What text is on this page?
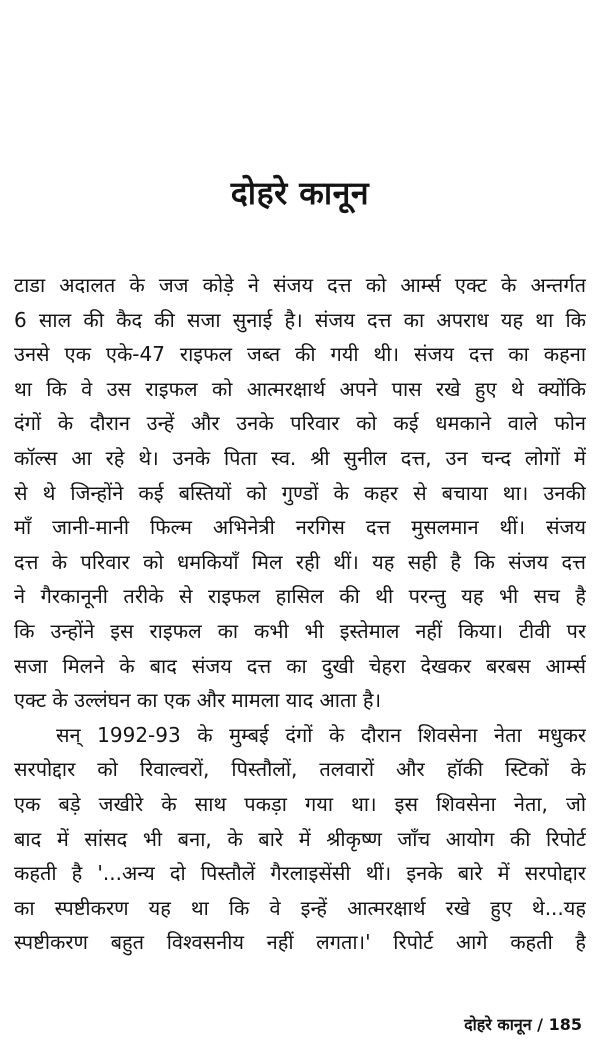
दोहरे कानून
टाडा अदालत के जज कोड़े ने संजय दत्त को आर्म्स एक्ट के अन्तर्गत
6 साल की कैद की सजा सुनाई है। संजय दत्त का अपराध यह था कि
उनसे एक एके-47 राइफल जब्त की गयी थी। संजय दत्त का कहना
था कि वे उस राइफल को आत्मरक्षार्थ अपने पास रखे हुए थे क्योंकि
दंगों के दौरान उन्हें और उनके परिवार को कई धमकाने वाले फोन
कॉल्स आ रहे थे। उनके पिता स्व. श्री सुनील दत्त, उन चन्द लोगों में
से थे जिन्होंने कई बस्तियों को गुण्डों के कहर से बचाया था। उनकी
माँ जानी-मानी फिल्म अभिनेत्री नरगिस दत्त मुसलमान थीं। संजय
दत्त के परिवार को धमकियाँ मिल रही थीं। यह सही है कि संजय दत्त
ने गैरकानूनी तरीके से राइफल हासिल की थी परन्तु यह भी सच है
कि उन्होंने इस राइफल का कभी भी इस्तेमाल नहीं किया। टीवी पर
सजा मिलने के बाद संजय दत्त का दुखी चेहरा देखकर बरबस आर्म्स
एक्ट के उल्लंघन का एक और मामला याद आता है।
सन् 1992-93 के मुम्बई दंगों के दौरान शिवसेना नेता मधुकर
सरपोद्दार को रिवाल्वरों, पिस्तौलों, तलवारों और हॉकी स्टिकों के
एक बड़े जखीरे के साथ पकड़ा गया था। इस शिवसेना नेता, जो
बाद में सांसद भी बना, के बारे में श्रीकृष्ण जाँच आयोग की रिपोर्ट
कहती है '...अन्य दो पिस्तौलें गैरलाइसेंसी थीं। इनके बारे में सरपोद्दार
का स्पष्टीकरण यह था कि वे इन्हें आत्मरक्षार्थ रखे हुए थे...यह
स्पष्टीकरण बहुत विश्वसनीय नहीं लगता।' रिपोर्ट आगे कहती है
दोहरे कानून / 185
